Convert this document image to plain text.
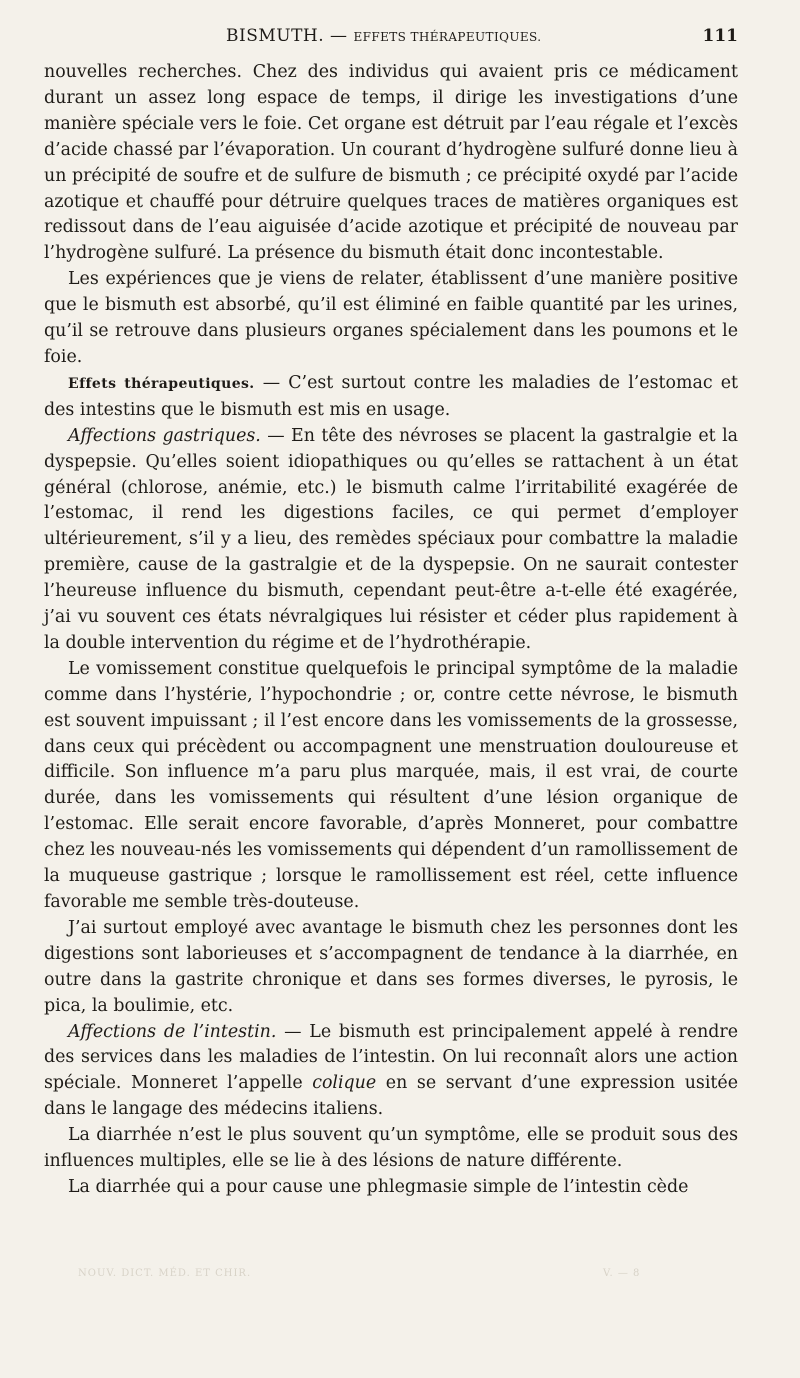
BISMUTH. — EFFETS THÉRAPEUTIQUES.	111

nouvelles recherches. Chez des individus qui avaient pris ce médicament durant un assez long espace de temps, il dirige les investigations d’une manière spéciale vers le foie. Cet organe est détruit par l’eau régale et l’excès d’acide chassé par l’évaporation. Un courant d’hydrogène sulfuré donne lieu à un précipité de soufre et de sulfure de bismuth ; ce précipité oxydé par l’acide azotique et chauffé pour détruire quelques traces de matières organiques est redissout dans de l’eau aiguisée d’acide azotique et précipité de nouveau par l’hydrogène sulfuré. La présence du bismuth était donc incontestable.

Les expériences que je viens de relater, établissent d’une manière positive que le bismuth est absorbé, qu’il est éliminé en faible quantité par les urines, qu’il se retrouve dans plusieurs organes spécialement dans les poumons et le foie.

Effets thérapeutiques. — C’est surtout contre les maladies de l’estomac et des intestins que le bismuth est mis en usage.

Affections gastriques. — En tête des névroses se placent la gastralgie et la dyspepsie. Qu’elles soient idiopathiques ou qu’elles se rattachent à un état général (chlorose, anémie, etc.) le bismuth calme l’irritabilité exagérée de l’estomac, il rend les digestions faciles, ce qui permet d’employer ultérieurement, s’il y a lieu, des remèdes spéciaux pour combattre la maladie première, cause de la gastralgie et de la dyspepsie. On ne saurait contester l’heureuse influence du bismuth, cependant peut-être a-t-elle été exagérée, j’ai vu souvent ces états névralgiques lui résister et céder plus rapidement à la double intervention du régime et de l’hydrothérapie.

Le vomissement constitue quelquefois le principal symptôme de la maladie comme dans l’hystérie, l’hypochondrie ; or, contre cette névrose, le bismuth est souvent impuissant ; il l’est encore dans les vomissements de la grossesse, dans ceux qui précèdent ou accompagnent une menstruation douloureuse et difficile. Son influence m’a paru plus marquée, mais, il est vrai, de courte durée, dans les vomissements qui résultent d’une lésion organique de l’estomac. Elle serait encore favorable, d’après Monneret, pour combattre chez les nouveau-nés les vomissements qui dépendent d’un ramollissement de la muqueuse gastrique ; lorsque le ramollissement est réel, cette influence favorable me semble très-douteuse.

J’ai surtout employé avec avantage le bismuth chez les personnes dont les digestions sont laborieuses et s’accompagnent de tendance à la diarrhée, en outre dans la gastrite chronique et dans ses formes diverses, le pyrosis, le pica, la boulimie, etc.

Affections de l’intestin. — Le bismuth est principalement appelé à rendre des services dans les maladies de l’intestin. On lui reconnaît alors une action spéciale. Monneret l’appelle colique en se servant d’une expression usitée dans le langage des médecins italiens.

La diarrhée n’est le plus souvent qu’un symptôme, elle se produit sous des influences multiples, elle se lie à des lésions de nature différente.

La diarrhée qui a pour cause une phlegmasie simple de l’intestin cède

NOUV. DICT. MÉD. ET CHIR.	V. — 8
